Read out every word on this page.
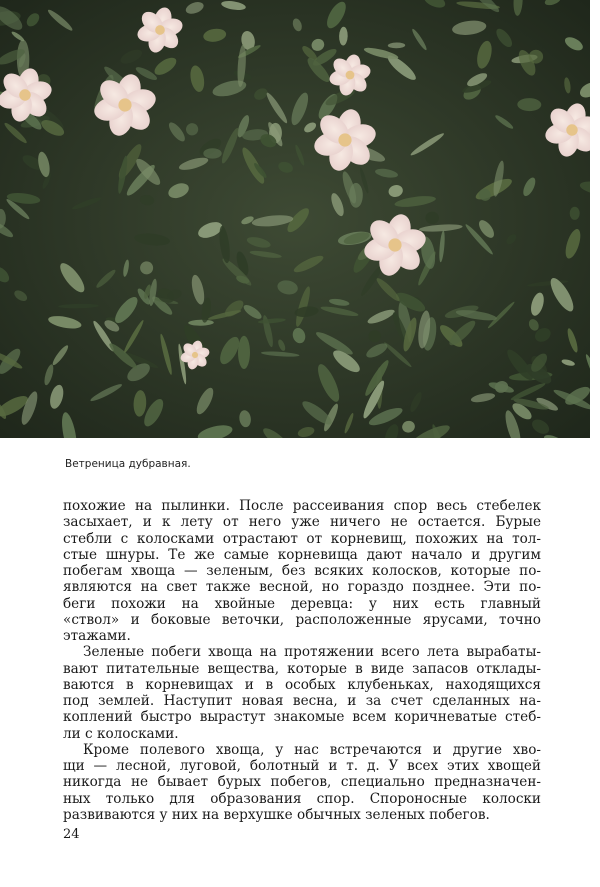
Ветреница дубравная.
похожие на пылинки. После рассеивания спор весь стебелек
засыхает, и к лету от него уже ничего не остается. Бурые
стебли с колосками отрастают от корневищ, похожих на тол-
стые шнуры. Те же самые корневища дают начало и другим
побегам хвоща — зеленым, без всяких колосков, которые по-
являются на свет также весной, но гораздо позднее. Эти по-
беги похожи на хвойные деревца: у них есть главный
«ствол» и боковые веточки, расположенные ярусами, точно
этажами.
Зеленые побеги хвоща на протяжении всего лета вырабаты-
вают питательные вещества, которые в виде запасов отклады-
ваются в корневищах и в особых клубеньках, находящихся
под землей. Наступит новая весна, и за счет сделанных на-
коплений быстро вырастут знакомые всем коричневатые стеб-
ли с колосками.
Кроме полевого хвоща, у нас встречаются и другие хво-
щи — лесной, луговой, болотный и т. д. У всех этих хвощей
никогда не бывает бурых побегов, специально предназначен-
ных только для образования спор. Спороносные колоски
развиваются у них на верхушке обычных зеленых побегов.
24
